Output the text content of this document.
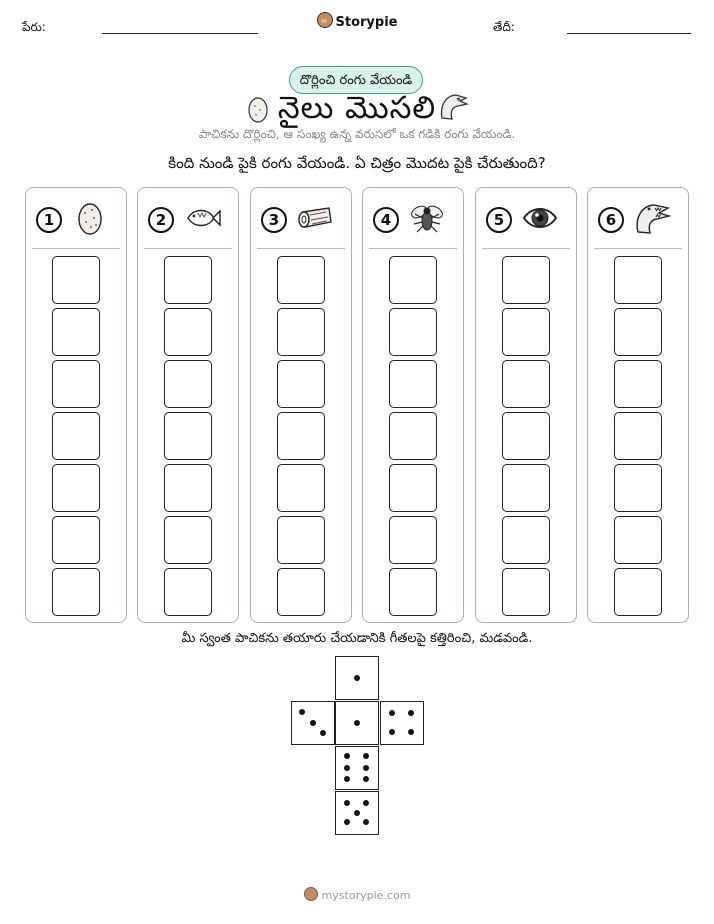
పేరు:	Storypie	తేదీ:
దొర్లించి రంగు వేయండి
నైలు మొసలి
పాచికను దొర్లించి, ఆ సంఖ్య ఉన్న వరుసలో ఒక గడికి రంగు వేయండి.
కింది నుండి పైకి రంగు వేయండి. ఏ చిత్రం మొదట పైకి చేరుతుంది?
1	2	3	4	5	6
మీ స్వంత పాచికను తయారు చేయడానికి గీతలపై కత్తిరించి, మడవండి.
mystorypie.com
